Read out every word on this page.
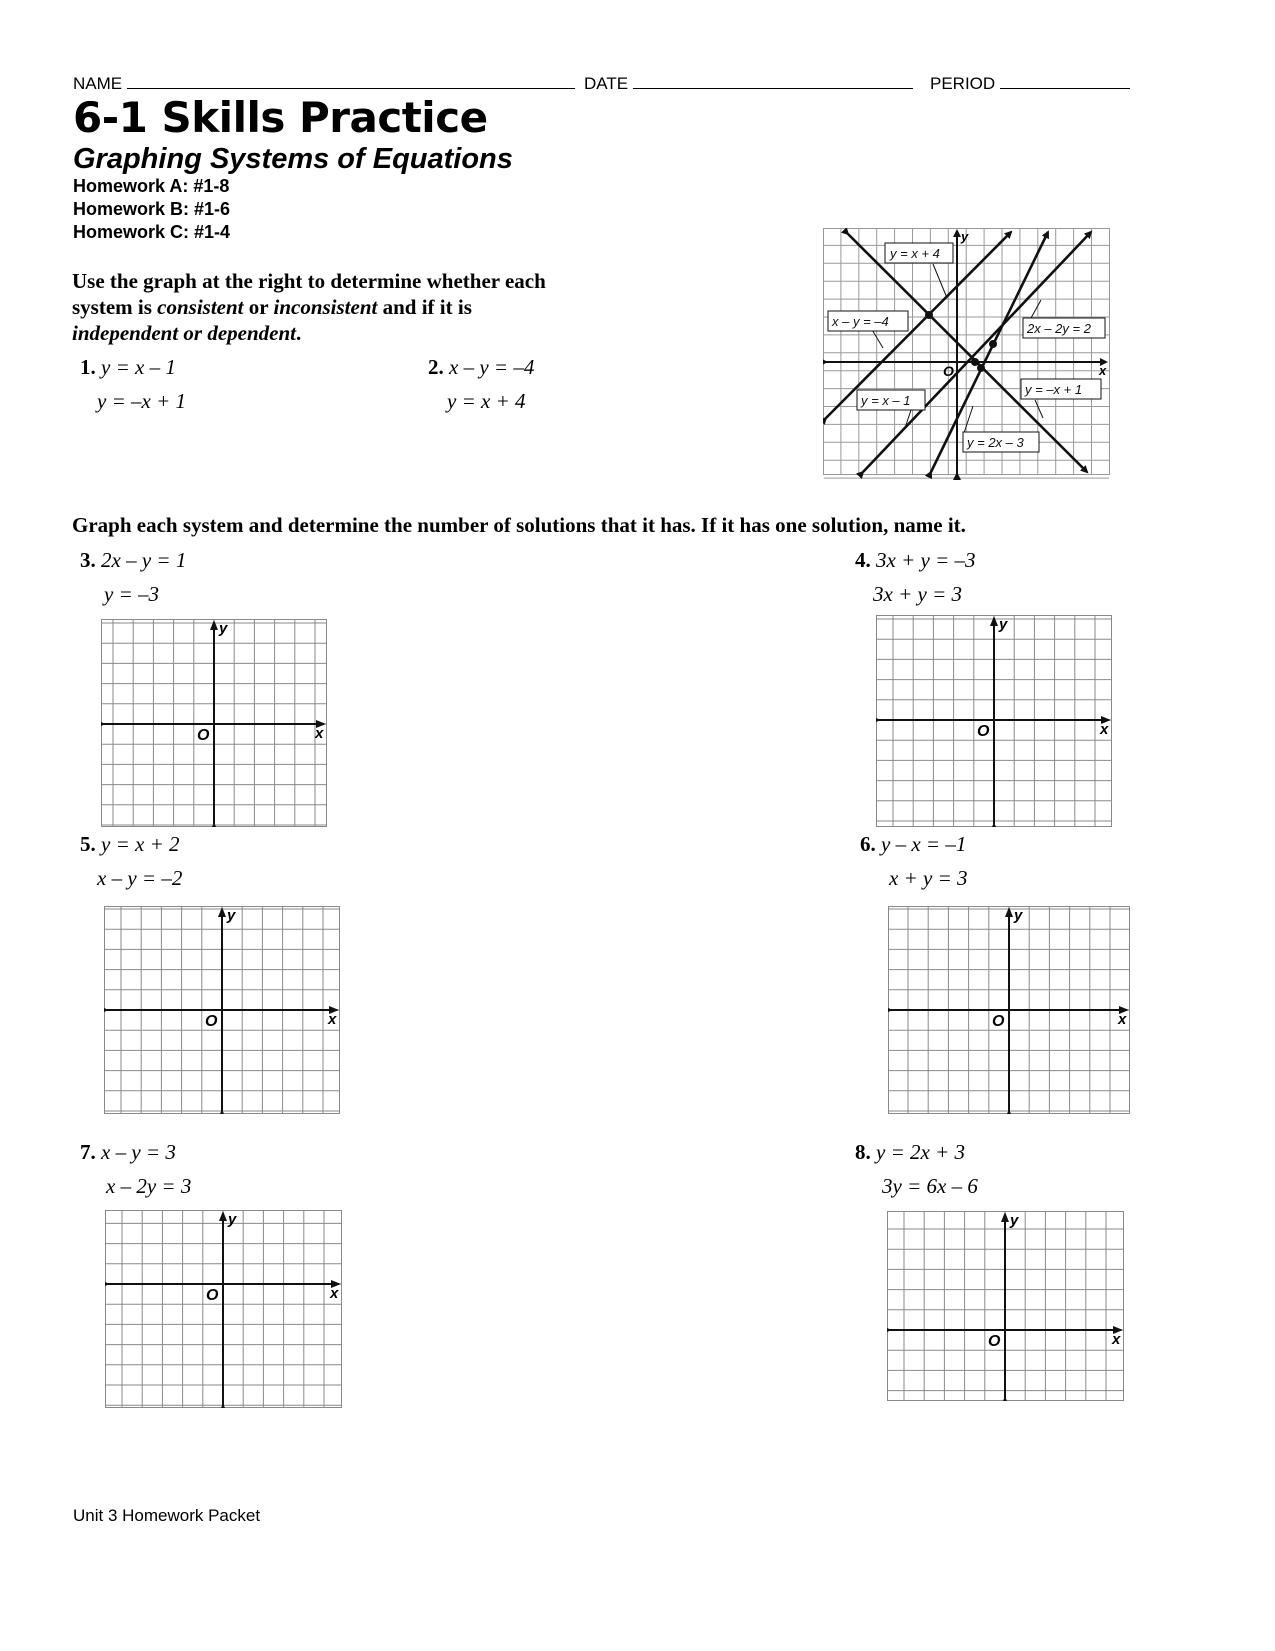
NAME	DATE	PERIOD
6-1 Skills Practice
Graphing Systems of Equations
Homework A: #1-8
Homework B: #1-6
Homework C: #1-4
Use the graph at the right to determine whether each system is consistent or inconsistent and if it is independent or dependent.
1. y = x – 1
y = –x + 1
2. x – y = –4
y = x + 4
y = x + 4
x – y = –4	2x – 2y = 2
y = –x + 1
y = x – 1
y = 2x – 3
y
x
O
Graph each system and determine the number of solutions that it has. If it has one solution, name it.
3. 2x – y = 1
y = –3
4. 3x + y = –3
3x + y = 3
5. y = x + 2
x – y = –2
6. y – x = –1
x + y = 3
7. x – y = 3
x – 2y = 3
8. y = 2x + 3
3y = 6x – 6
x
y
O	x
y
O
x
y
O	x
y
O
x
y
O
x
y
O
Unit 3 Homework Packet
